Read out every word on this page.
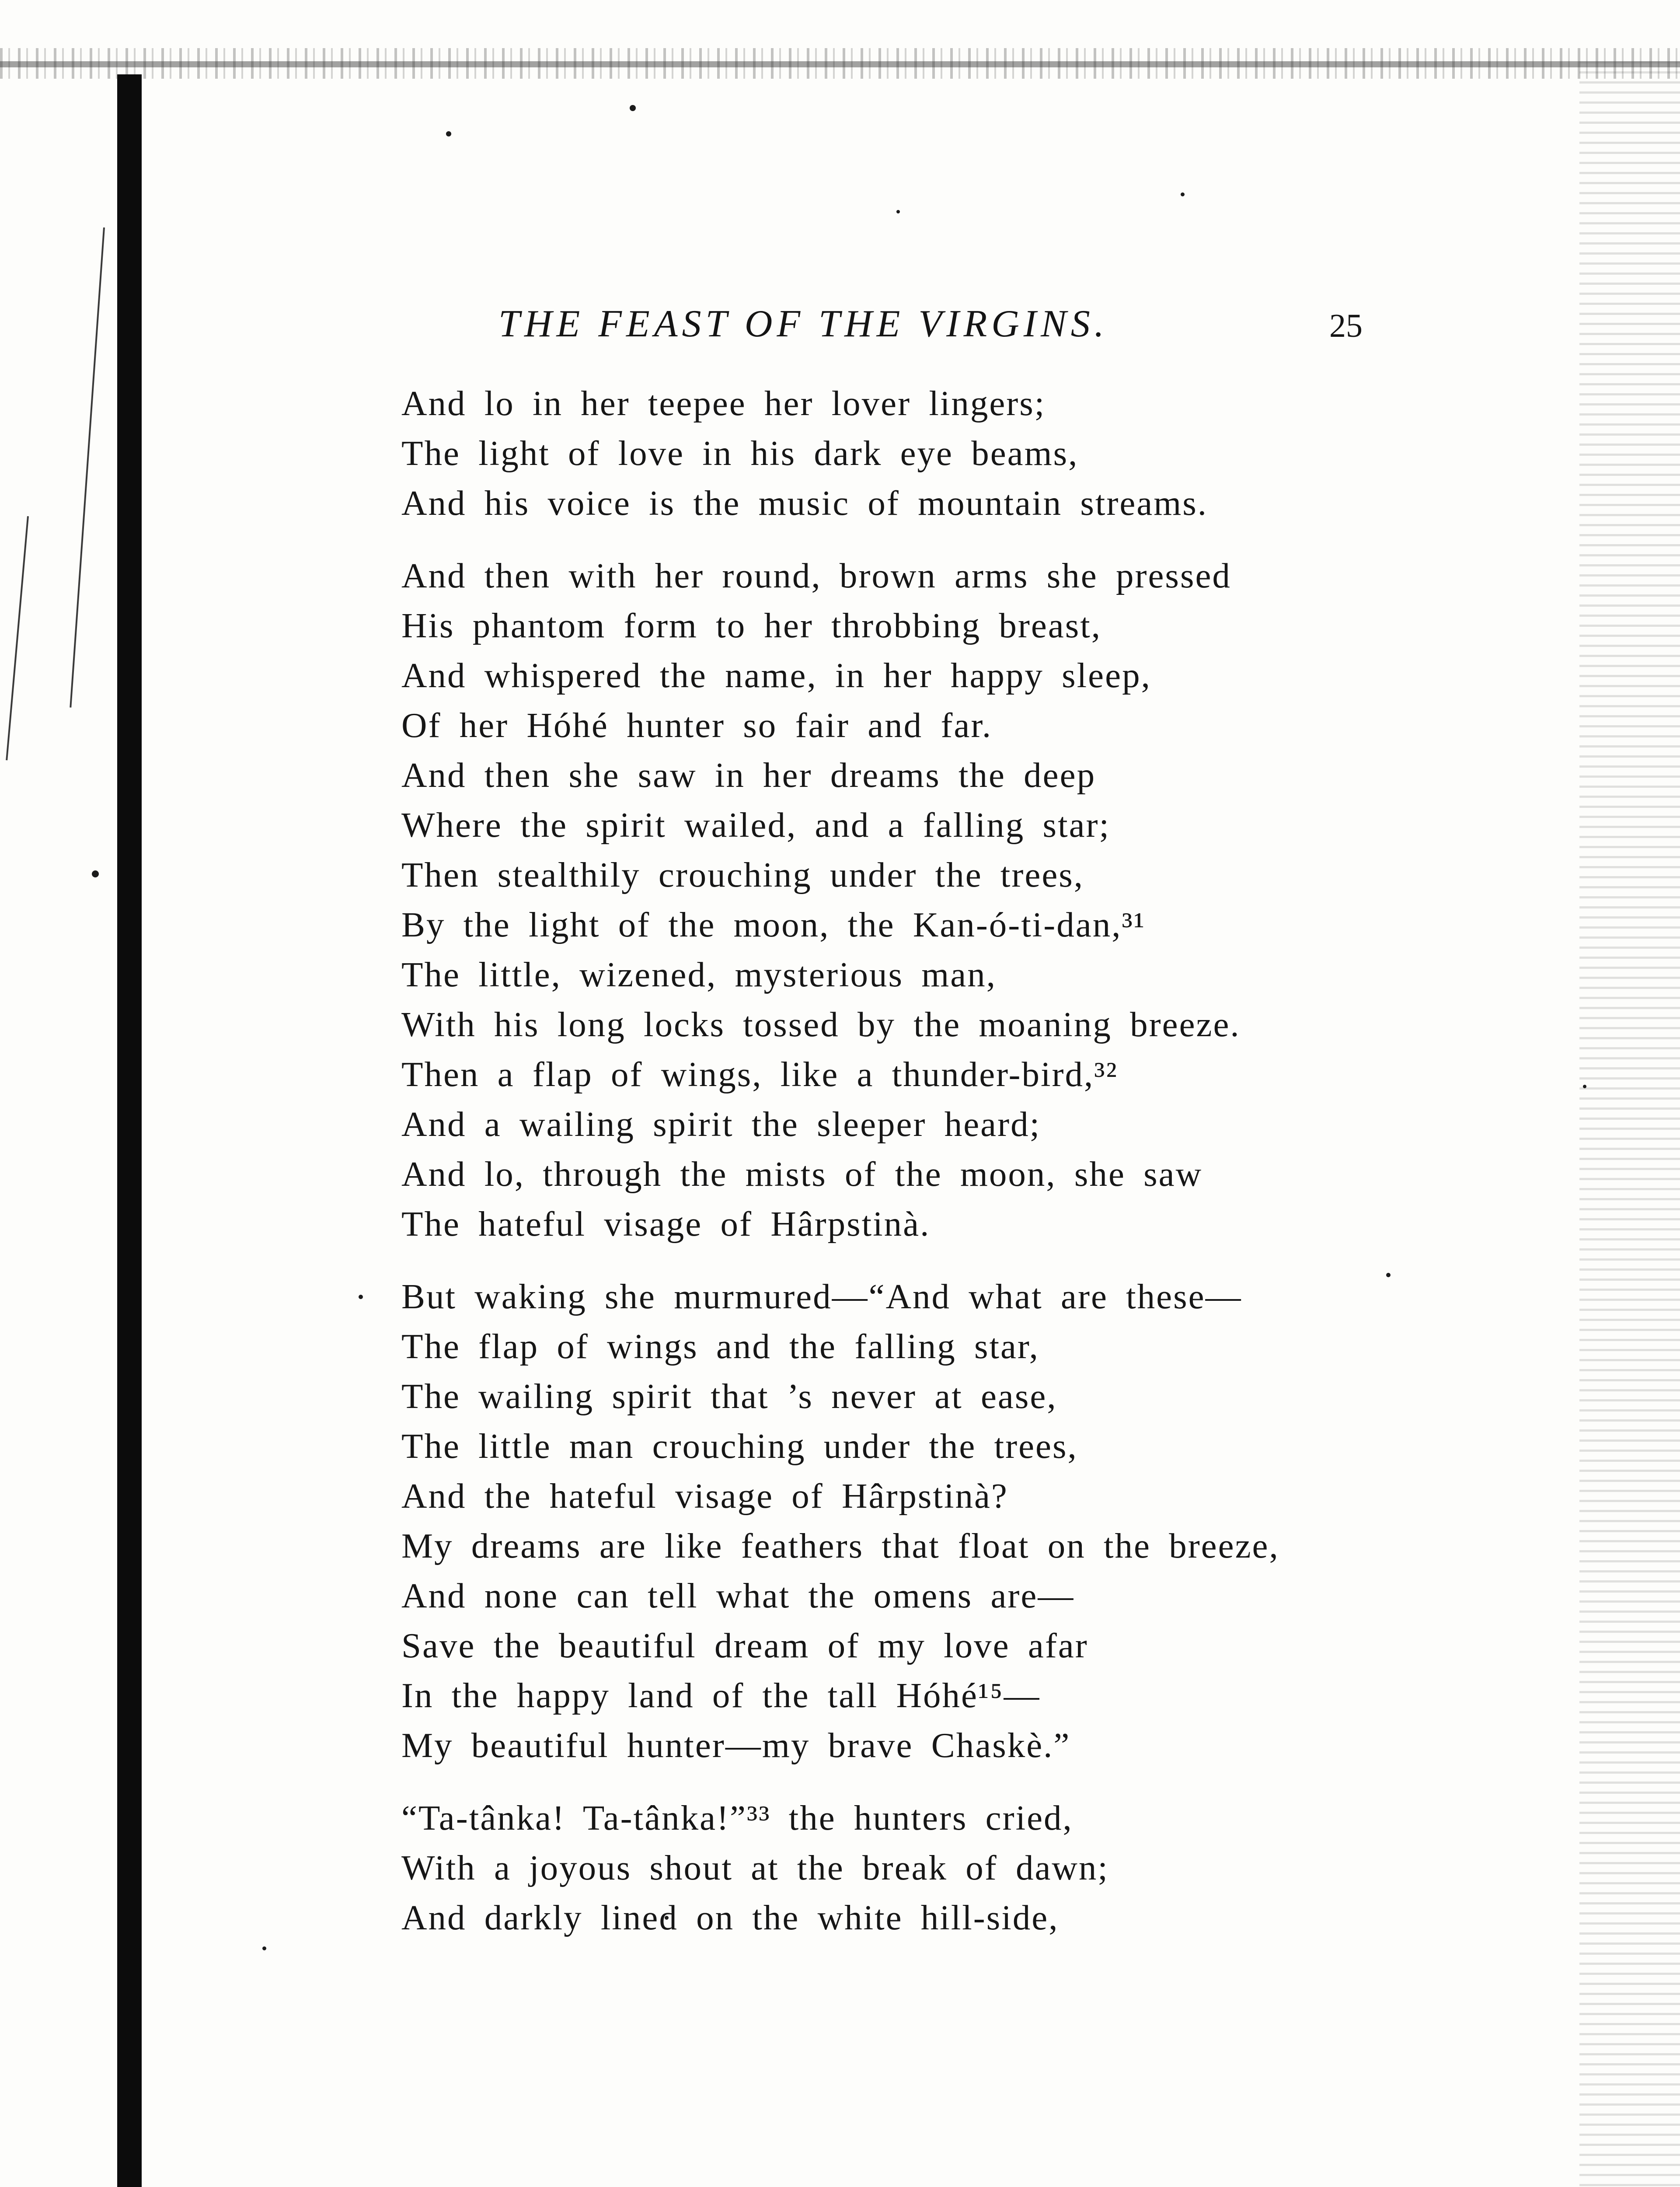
THE FEAST OF THE VIRGINS.	25
And lo in her teepee her lover lingers;
The light of love in his dark eye beams,
And his voice is the music of mountain streams.
And then with her round, brown arms she pressed
His phantom form to her throbbing breast,
And whispered the name, in her happy sleep,
Of her Hóhé hunter so fair and far.
And then she saw in her dreams the deep
Where the spirit wailed, and a falling star;
Then stealthily crouching under the trees,
By the light of the moon, the Kan-ó-ti-dan,³¹
The little, wizened, mysterious man,
With his long locks tossed by the moaning breeze.
Then a flap of wings, like a thunder-bird,³²
And a wailing spirit the sleeper heard;
And lo, through the mists of the moon, she saw
The hateful visage of Hârpstinà.
But waking she murmured—“And what are these—
The flap of wings and the falling star,
The wailing spirit that ’s never at ease,
The little man crouching under the trees,
And the hateful visage of Hârpstinà?
My dreams are like feathers that float on the breeze,
And none can tell what the omens are—
Save the beautiful dream of my love afar
In the happy land of the tall Hóhé¹⁵—
My beautiful hunter—my brave Chaskè.”
“Ta-tânka! Ta-tânka!”³³ the hunters cried,
With a joyous shout at the break of dawn;
And darkly lined on the white hill-side,
